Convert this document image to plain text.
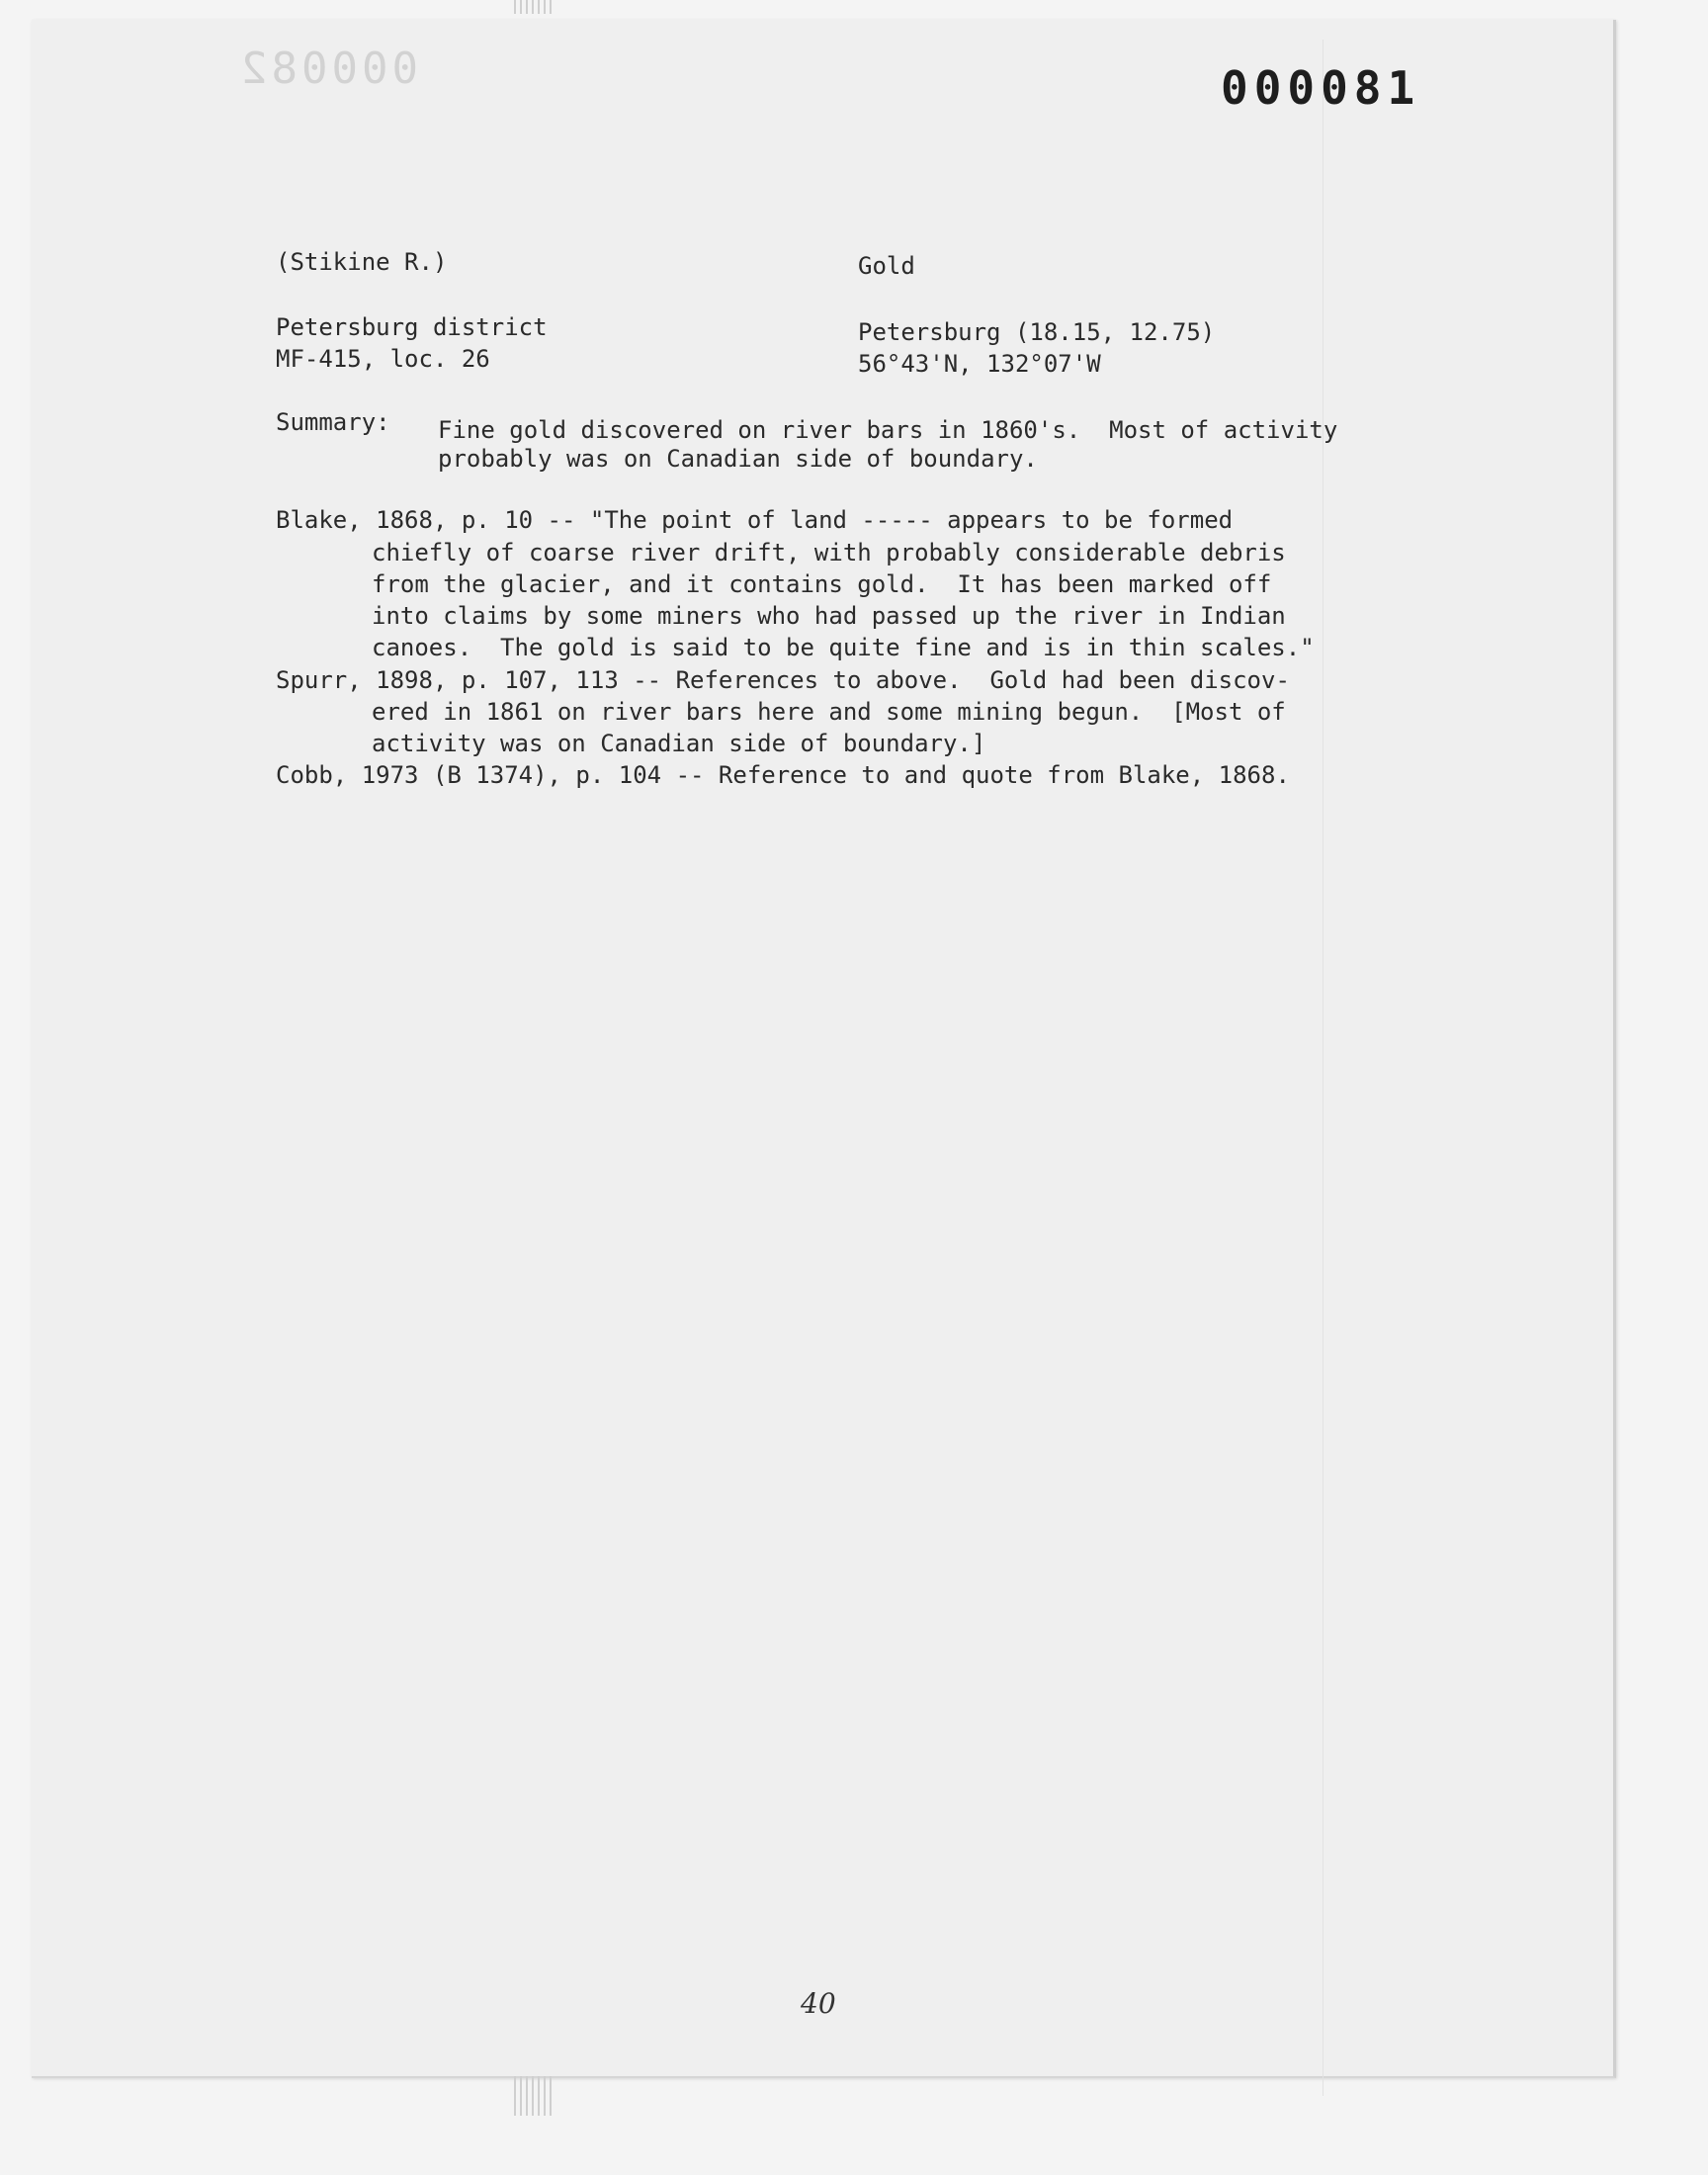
000082	000081
(Stikine R.)	Gold
Petersburg district
MF-415, loc. 26
Petersburg (18.15, 12.75)
56°43'N, 132°07'W
Summary: Fine gold discovered on river bars in 1860's.  Most of activity
probably was on Canadian side of boundary.
Blake, 1868, p. 10 -- "The point of land ----- appears to be formed
chiefly of coarse river drift, with probably considerable debris
from the glacier, and it contains gold.  It has been marked off
into claims by some miners who had passed up the river in Indian
canoes.  The gold is said to be quite fine and is in thin scales."
Spurr, 1898, p. 107, 113 -- References to above.  Gold had been discov-
ered in 1861 on river bars here and some mining begun.  [Most of
activity was on Canadian side of boundary.]
Cobb, 1973 (B 1374), p. 104 -- Reference to and quote from Blake, 1868.
40
